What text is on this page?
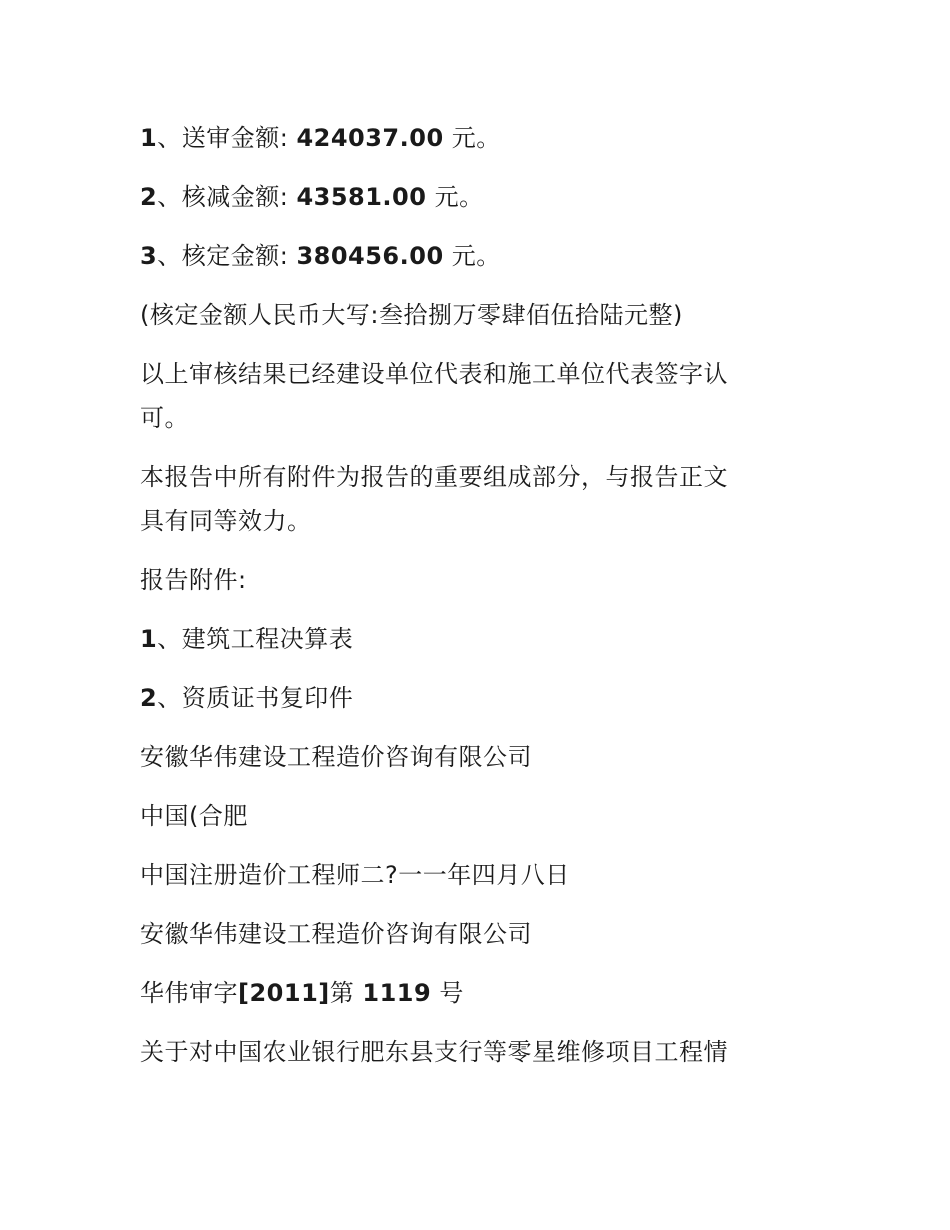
1、送审金额: 424037.00 元。
2、核减金额: 43581.00 元。
3、核定金额: 380456.00 元。
(核定金额人民币大写:叁拾捌万零肆佰伍拾陆元整)
以上审核结果已经建设单位代表和施工单位代表签字认
可。
本报告中所有附件为报告的重要组成部分，与报告正文
具有同等效力。
报告附件:
1、建筑工程决算表
2、资质证书复印件
安徽华伟建设工程造价咨询有限公司
中国(合肥
中国注册造价工程师二?一一年四月八日
安徽华伟建设工程造价咨询有限公司
华伟审字[2011]第 1119 号
关于对中国农业银行肥东县支行等零星维修项目工程情
